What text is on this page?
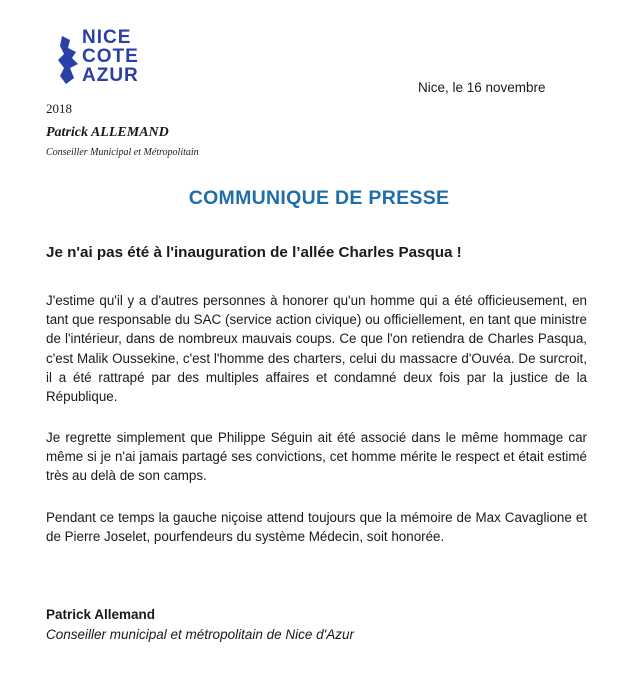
NICE
COTE
AZUR
Nice, le 16 novembre
2018
Patrick ALLEMAND
Conseiller Municipal et Métropolitain
COMMUNIQUE DE PRESSE
Je n'ai pas été à l'inauguration de l’allée Charles Pasqua !

J'estime qu'il y a d'autres personnes à honorer qu'un homme qui a été officieusement, en tant que responsable du SAC (service action civique) ou officiellement, en tant que ministre de l'intérieur, dans de nombreux mauvais coups. Ce que l'on retiendra de Charles Pasqua, c'est Malik Oussekine, c'est l'homme des charters, celui du massacre d'Ouvéa. De surcroit, il a été rattrapé par des multiples affaires et condamné deux fois par la justice de la République.

Je regrette simplement que Philippe Séguin ait été associé dans le même hommage car même si je n'ai jamais partagé ses convictions, cet homme mérite le respect et était estimé très au delà de son camps.

Pendant ce temps la gauche niçoise attend toujours que la mémoire de Max Cavaglione et de Pierre Joselet, pourfendeurs du système Médecin, soit honorée.

Patrick Allemand
Conseiller municipal et métropolitain de Nice d'Azur
